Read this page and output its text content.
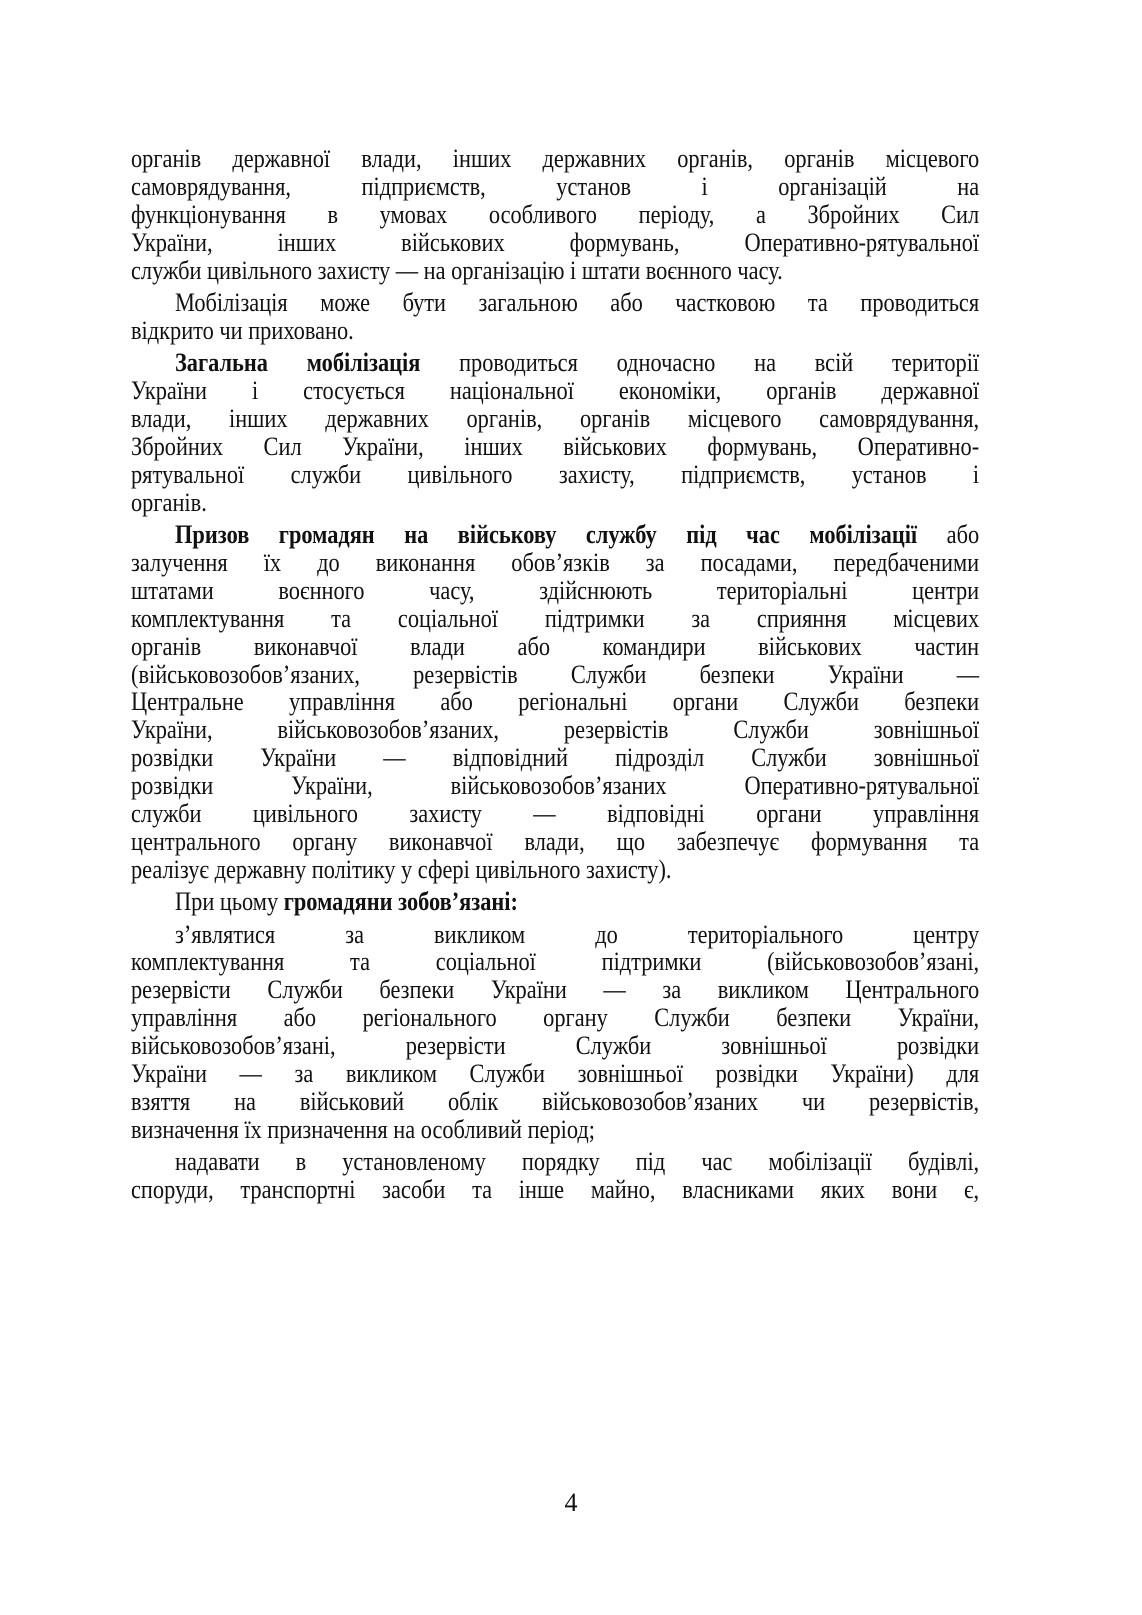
органів державної влади, інших державних органів, органів місцевого
самоврядування, підприємств, установ і організацій на
функціонування в умовах особливого періоду, а Збройних Сил
України, інших військових формувань, Оперативно-рятувальної
служби цивільного захисту — на організацію і штати воєнного часу.
Мобілізація може бути загальною або частковою та проводиться
відкрито чи приховано.
Загальна мобілізація проводиться одночасно на всій території
України і стосується національної економіки, органів державної
влади, інших державних органів, органів місцевого самоврядування,
Збройних Сил України, інших військових формувань, Оперативно-
рятувальної служби цивільного захисту, підприємств, установ і
органів.
Призов громадян на військову службу під час мобілізації або
залучення їх до виконання обов’язків за посадами, передбаченими
штатами воєнного часу, здійснюють територіальні центри
комплектування та соціальної підтримки за сприяння місцевих
органів виконавчої влади або командири військових частин
(військовозобов’язаних, резервістів Служби безпеки України —
Центральне управління або регіональні органи Служби безпеки
України, військовозобов’язаних, резервістів Служби зовнішньої
розвідки України — відповідний підрозділ Служби зовнішньої
розвідки України, військовозобов’язаних Оперативно-рятувальної
служби цивільного захисту — відповідні органи управління
центрального органу виконавчої влади, що забезпечує формування та
реалізує державну політику у сфері цивільного захисту).
При цьому громадяни зобов’язані:
з’являтися за викликом до територіального центру
комплектування та соціальної підтримки (військовозобов’язані,
резервісти Служби безпеки України — за викликом Центрального
управління або регіонального органу Служби безпеки України,
військовозобов’язані, резервісти Служби зовнішньої розвідки
України — за викликом Служби зовнішньої розвідки України) для
взяття на військовий облік військовозобов’язаних чи резервістів,
визначення їх призначення на особливий період;
надавати в установленому порядку під час мобілізації будівлі,
споруди, транспортні засоби та інше майно, власниками яких вони є,
4
